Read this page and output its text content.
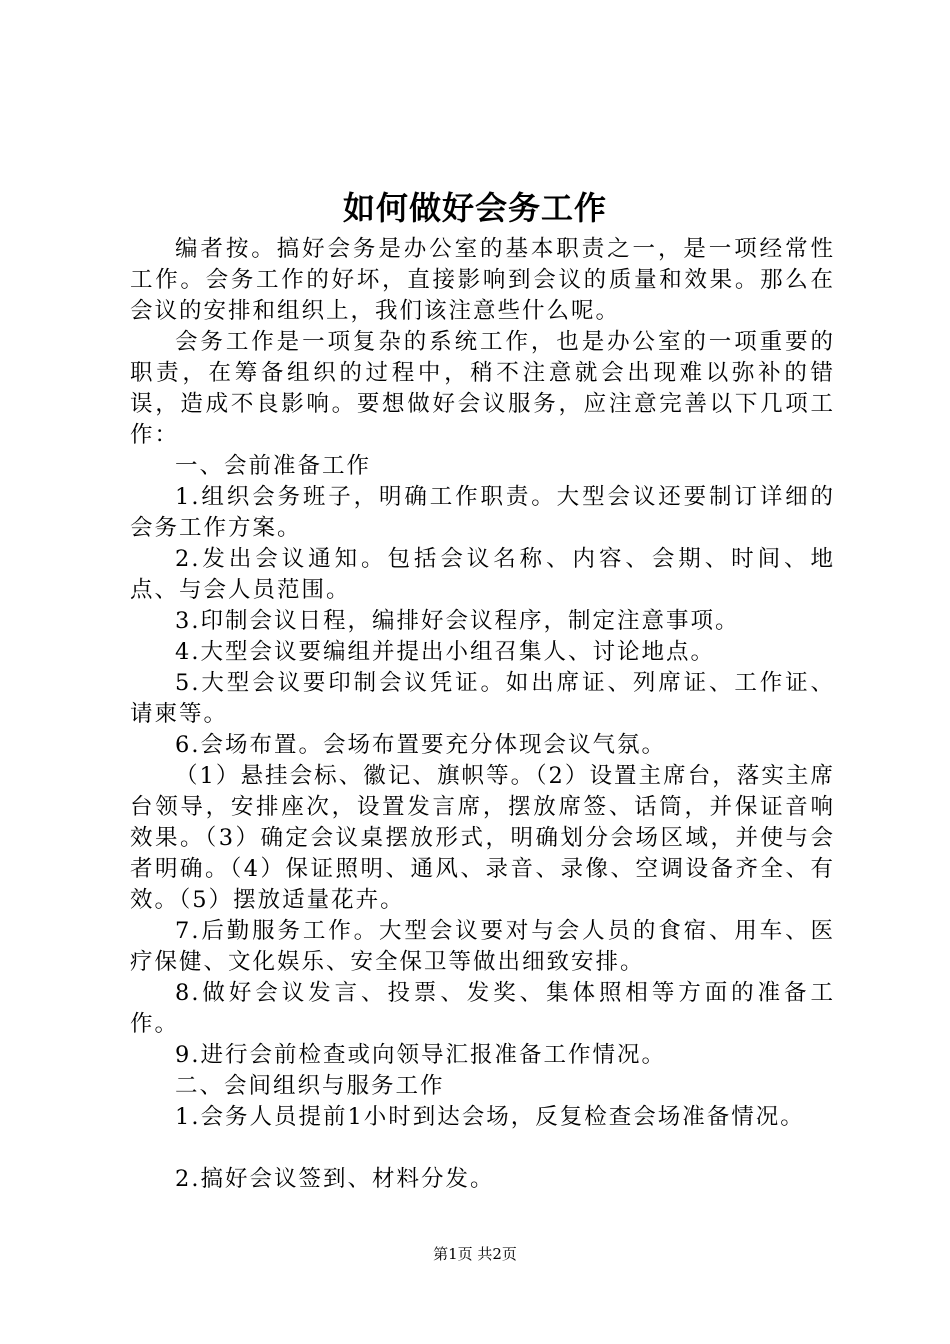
如何做好会务工作

编者按。搞好会务是办公室的基本职责之一，是一项经常性工作。会务工作的好坏，直接影响到会议的质量和效果。那么在会议的安排和组织上，我们该注意些什么呢。

会务工作是一项复杂的系统工作，也是办公室的一项重要的职责，在筹备组织的过程中，稍不注意就会出现难以弥补的错误，造成不良影响。要想做好会议服务，应注意完善以下几项工作：

一、会前准备工作

1.组织会务班子，明确工作职责。大型会议还要制订详细的会务工作方案。

2.发出会议通知。包括会议名称、内容、会期、时间、地点、与会人员范围。

3.印制会议日程，编排好会议程序，制定注意事项。

4.大型会议要编组并提出小组召集人、讨论地点。

5.大型会议要印制会议凭证。如出席证、列席证、工作证、请柬等。

6.会场布置。会场布置要充分体现会议气氛。

（1）悬挂会标、徽记、旗帜等。（2）设置主席台，落实主席台领导，安排座次，设置发言席，摆放席签、话筒，并保证音响效果。（3）确定会议桌摆放形式，明确划分会场区域，并使与会者明确。（4）保证照明、通风、录音、录像、空调设备齐全、有效。（5）摆放适量花卉。

7.后勤服务工作。大型会议要对与会人员的食宿、用车、医疗保健、文化娱乐、安全保卫等做出细致安排。

8.做好会议发言、投票、发奖、集体照相等方面的准备工作。

9.进行会前检查或向领导汇报准备工作情况。

二、会间组织与服务工作

1.会务人员提前1小时到达会场，反复检查会场准备情况。

2.搞好会议签到、材料分发。

第1页 共2页
